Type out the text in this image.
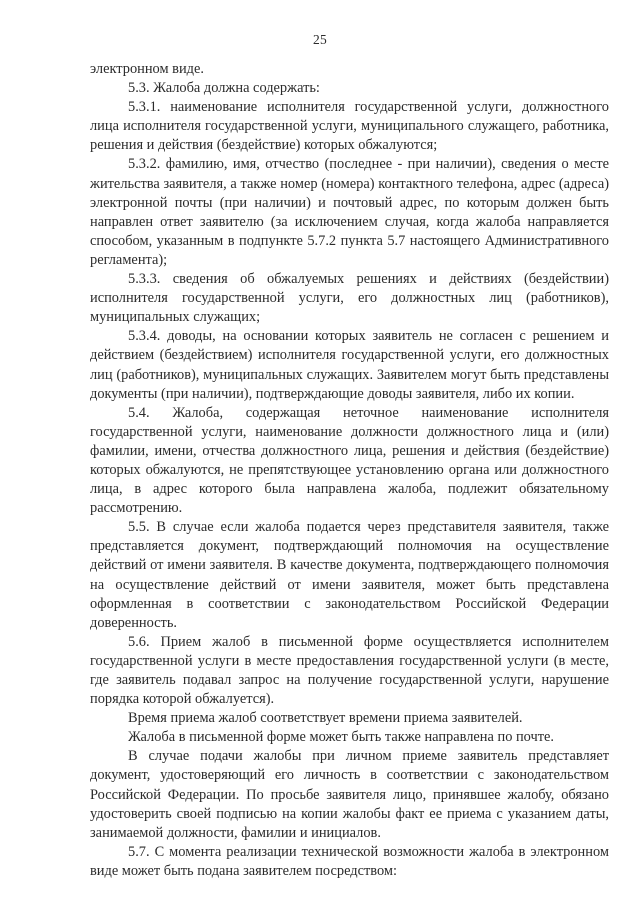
25

электронном виде.

5.3. Жалоба должна содержать:

5.3.1. наименование исполнителя государственной услуги, должностного лица исполнителя государственной услуги, муниципального служащего, работника, решения и действия (бездействие) которых обжалуются;

5.3.2. фамилию, имя, отчество (последнее - при наличии), сведения о месте жительства заявителя, а также номер (номера) контактного телефона, адрес (адреса) электронной почты (при наличии) и почтовый адрес, по которым должен быть направлен ответ заявителю (за исключением случая, когда жалоба направляется способом, указанным в подпункте 5.7.2 пункта 5.7 настоящего Административного регламента);

5.3.3. сведения об обжалуемых решениях и действиях (бездействии) исполнителя государственной услуги, его должностных лиц (работников), муниципальных служащих;

5.3.4. доводы, на основании которых заявитель не согласен с решением и действием (бездействием) исполнителя государственной услуги, его должностных лиц (работников), муниципальных служащих. Заявителем могут быть представлены документы (при наличии), подтверждающие доводы заявителя, либо их копии.

5.4. Жалоба, содержащая неточное наименование исполнителя государственной услуги, наименование должности должностного лица и (или) фамилии, имени, отчества должностного лица, решения и действия (бездействие) которых обжалуются, не препятствующее установлению органа или должностного лица, в адрес которого была направлена жалоба, подлежит обязательному рассмотрению.

5.5. В случае если жалоба подается через представителя заявителя, также представляется документ, подтверждающий полномочия на осуществление действий от имени заявителя. В качестве документа, подтверждающего полномочия на осуществление действий от имени заявителя, может быть представлена оформленная в соответствии с законодательством Российской Федерации доверенность.

5.6. Прием жалоб в письменной форме осуществляется исполнителем государственной услуги в месте предоставления государственной услуги (в месте, где заявитель подавал запрос на получение государственной услуги, нарушение порядка которой обжалуется).

Время приема жалоб соответствует времени приема заявителей.

Жалоба в письменной форме может быть также направлена по почте.

В случае подачи жалобы при личном приеме заявитель представляет документ, удостоверяющий его личность в соответствии с законодательством Российской Федерации. По просьбе заявителя лицо, принявшее жалобу, обязано удостоверить своей подписью на копии жалобы факт ее приема с указанием даты, занимаемой должности, фамилии и инициалов.

5.7. С момента реализации технической возможности жалоба в электронном виде может быть подана заявителем посредством:
